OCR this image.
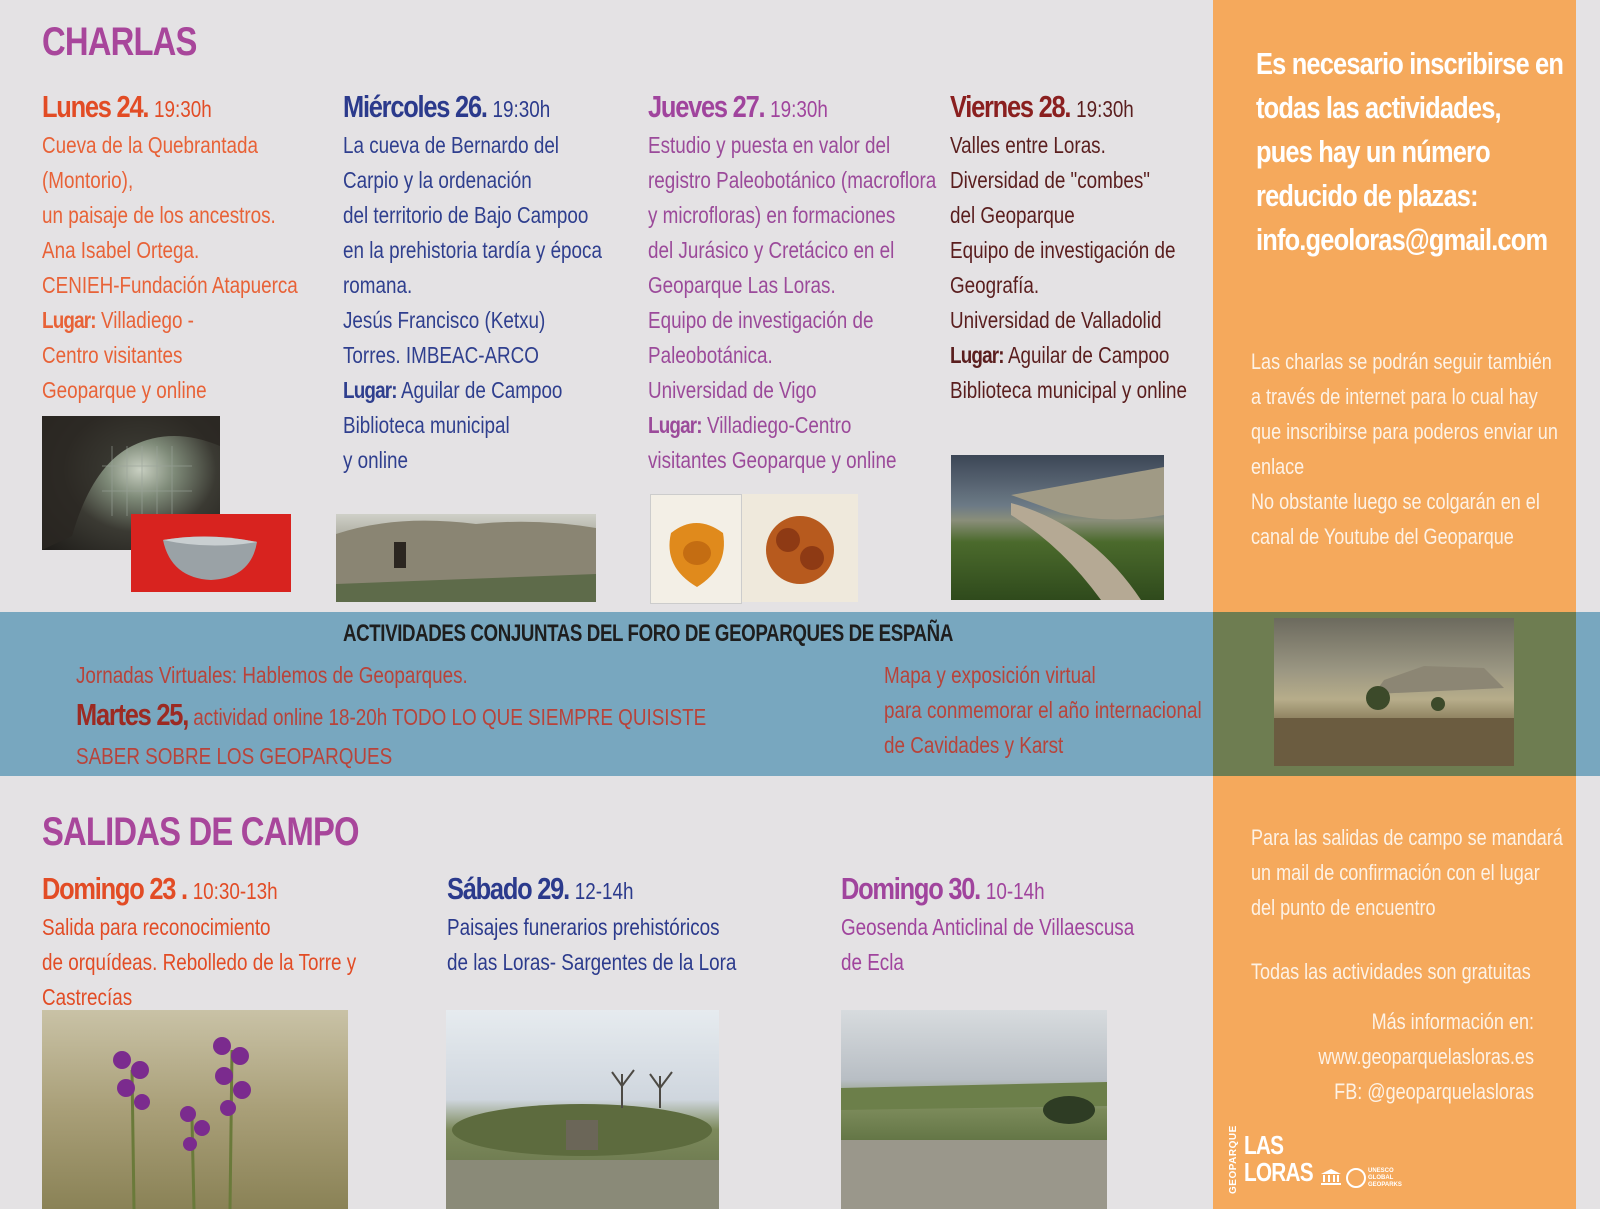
CHARLAS
Lunes 24. 19:30h
Cueva de la Quebrantada
(Montorio),
un paisaje de los ancestros.
Ana Isabel Ortega.
CENIEH-Fundación Atapuerca
Lugar: Villadiego -
Centro visitantes
Geoparque y online
Miércoles 26. 19:30h
La cueva de Bernardo del
Carpio y la ordenación
del territorio de Bajo Campoo
en la prehistoria tardía y época
romana.
Jesús Francisco (Ketxu)
Torres. IMBEAC-ARCO
Lugar: Aguilar de Campoo
Biblioteca municipal
y online
Jueves 27. 19:30h
Estudio y puesta en valor del
registro Paleobotánico (macroflora
y microfloras) en formaciones
del Jurásico y Cretácico en el
Geoparque Las Loras.
Equipo de investigación de
Paleobotánica.
Universidad de Vigo
Lugar: Villadiego-Centro
visitantes Geoparque y online
Viernes 28. 19:30h
Valles entre Loras.
Diversidad de "combes"
del Geoparque
Equipo de investigación de
Geografía.
Universidad de Valladolid
Lugar: Aguilar de Campoo
Biblioteca municipal y online
ACTIVIDADES CONJUNTAS DEL FORO DE GEOPARQUES DE ESPAÑA
Jornadas Virtuales: Hablemos de Geoparques.
Martes 25, actividad online 18-20h TODO LO QUE SIEMPRE QUISISTE
SABER SOBRE LOS GEOPARQUES
Mapa y exposición virtual
para conmemorar el año internacional
de Cavidades y Karst
SALIDAS DE CAMPO
Domingo 23 . 10:30-13h
Salida para reconocimiento
de orquídeas. Rebolledo de la Torre y
Castrecías
Sábado 29. 12-14h
Paisajes funerarios prehistóricos
de las Loras- Sargentes de la Lora
Domingo 30. 10-14h
Geosenda Anticlinal de Villaescusa
de Ecla
Es necesario inscribirse en
todas las actividades,
pues hay un número
reducido de plazas:
info.geoloras@gmail.com
Las charlas se podrán seguir también
a través de internet para lo cual hay
que inscribirse para poderos enviar un
enlace
No obstante luego se colgarán en el
canal de Youtube del Geoparque
Para las salidas de campo se mandará
un mail de confirmación con el lugar
del punto de encuentro
Todas las actividades son gratuitas
Más información en:
www.geoparquelasloras.es
FB: @geoparquelasloras
GEOPARQUE LAS
LORAS	UNESCO
GLOBAL
GEOPARKS
